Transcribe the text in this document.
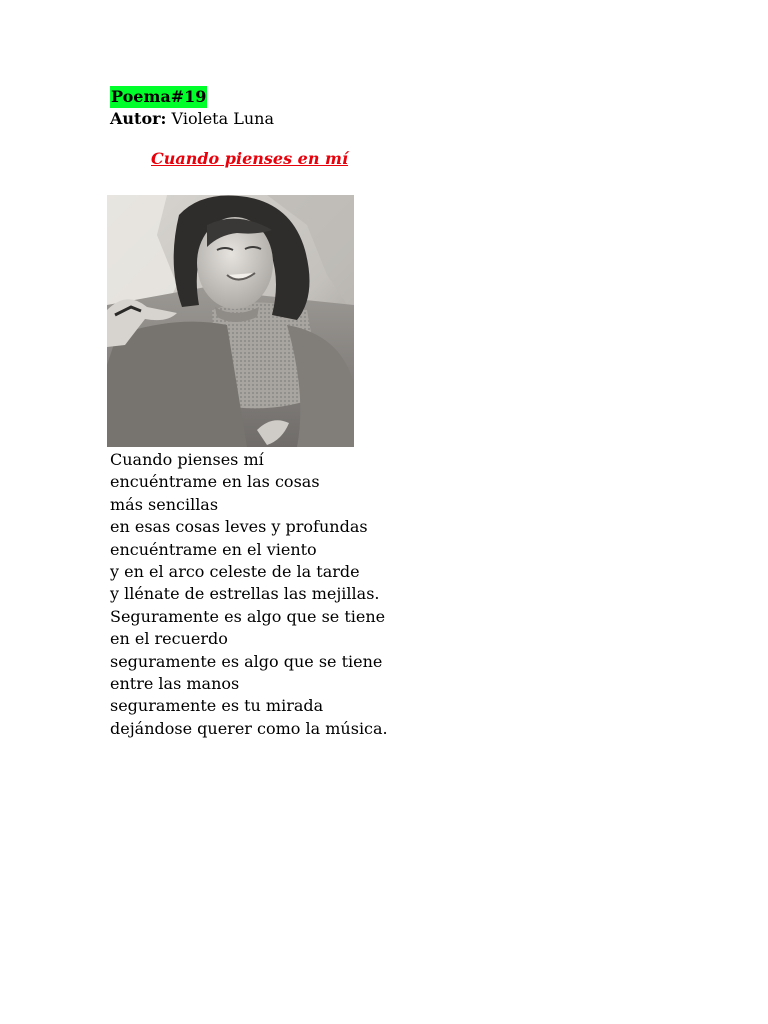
Poema#19
Autor: Violeta Luna
Cuando pienses en mí
Cuando pienses mí
encuéntrame en las cosas
más sencillas
en esas cosas leves y profundas
encuéntrame en el viento
y en el arco celeste de la tarde
y llénate de estrellas las mejillas.
Seguramente es algo que se tiene
en el recuerdo
seguramente es algo que se tiene
entre las manos
seguramente es tu mirada
dejándose querer como la música.
